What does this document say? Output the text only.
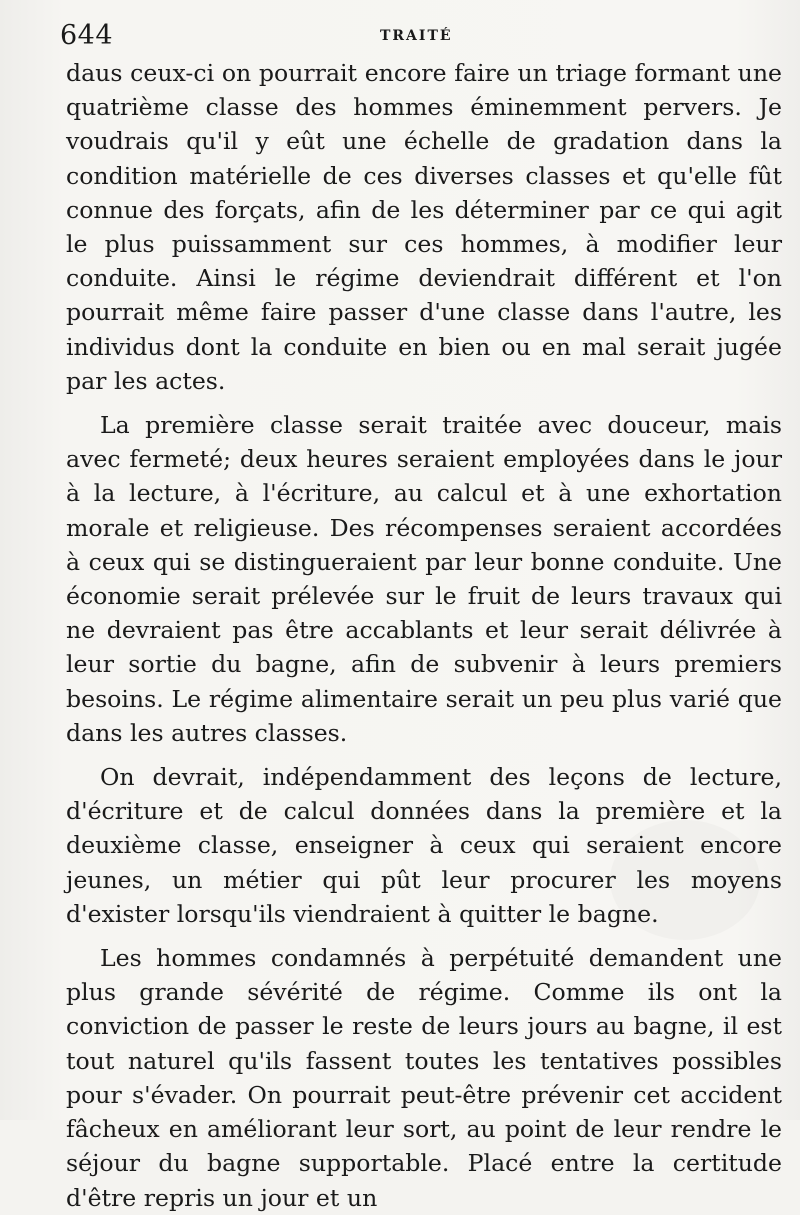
644	TRAITÉ

daus ceux-ci on pourrait encore faire un triage formant une quatrième classe des hommes éminemment pervers. Je voudrais qu'il y eût une échelle de gradation dans la condition matérielle de ces diverses classes et qu'elle fût connue des forçats, afin de les déterminer par ce qui agit le plus puissamment sur ces hommes, à modifier leur conduite. Ainsi le régime deviendrait différent et l'on pourrait même faire passer d'une classe dans l'autre, les individus dont la conduite en bien ou en mal serait jugée par les actes.

La première classe serait traitée avec douceur, mais avec fermeté; deux heures seraient employées dans le jour à la lecture, à l'écriture, au calcul et à une exhortation morale et religieuse. Des récompenses seraient accordées à ceux qui se distingueraient par leur bonne conduite. Une économie serait prélevée sur le fruit de leurs travaux qui ne devraient pas être accablants et leur serait délivrée à leur sortie du bagne, afin de subvenir à leurs premiers besoins. Le régime alimentaire serait un peu plus varié que dans les autres classes.

On devrait, indépendamment des leçons de lecture, d'écriture et de calcul données dans la première et la deuxième classe, enseigner à ceux qui seraient encore jeunes, un métier qui pût leur procurer les moyens d'exister lorsqu'ils viendraient à quitter le bagne.

Les hommes condamnés à perpétuité demandent une plus grande sévérité de régime. Comme ils ont la conviction de passer le reste de leurs jours au bagne, il est tout naturel qu'ils fassent toutes les tentatives possibles pour s'évader. On pourrait peut-être prévenir cet accident fâcheux en améliorant leur sort, au point de leur rendre le séjour du bagne supportable. Placé entre la certitude d'être repris un jour et un
